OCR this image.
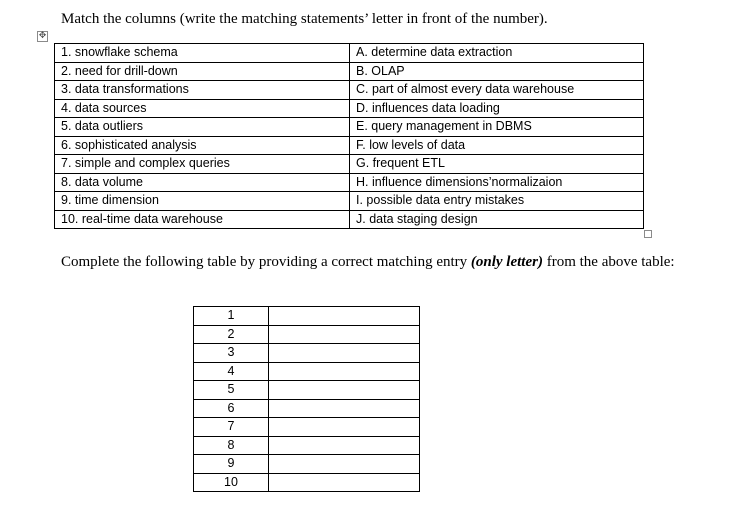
Match the columns (write the matching statements’ letter in front of the number).

✥
1. snowflake schema	A. determine data extraction
2. need for drill-down	B. OLAP
3. data transformations	C. part of almost every data warehouse
4. data sources	D. influences data loading
5. data outliers	E. query management in DBMS
6. sophisticated analysis	F. low levels of data
7. simple and complex queries	G. frequent ETL
8. data volume	H. influence dimensions’normalizaion
9. time dimension	I. possible data entry mistakes
10. real-time data warehouse	J. data staging design

Complete the following table by providing a correct matching entry (only letter) from the above table:

1	
2	
3	
4	
5	
6	
7	
8	
9	
10	
